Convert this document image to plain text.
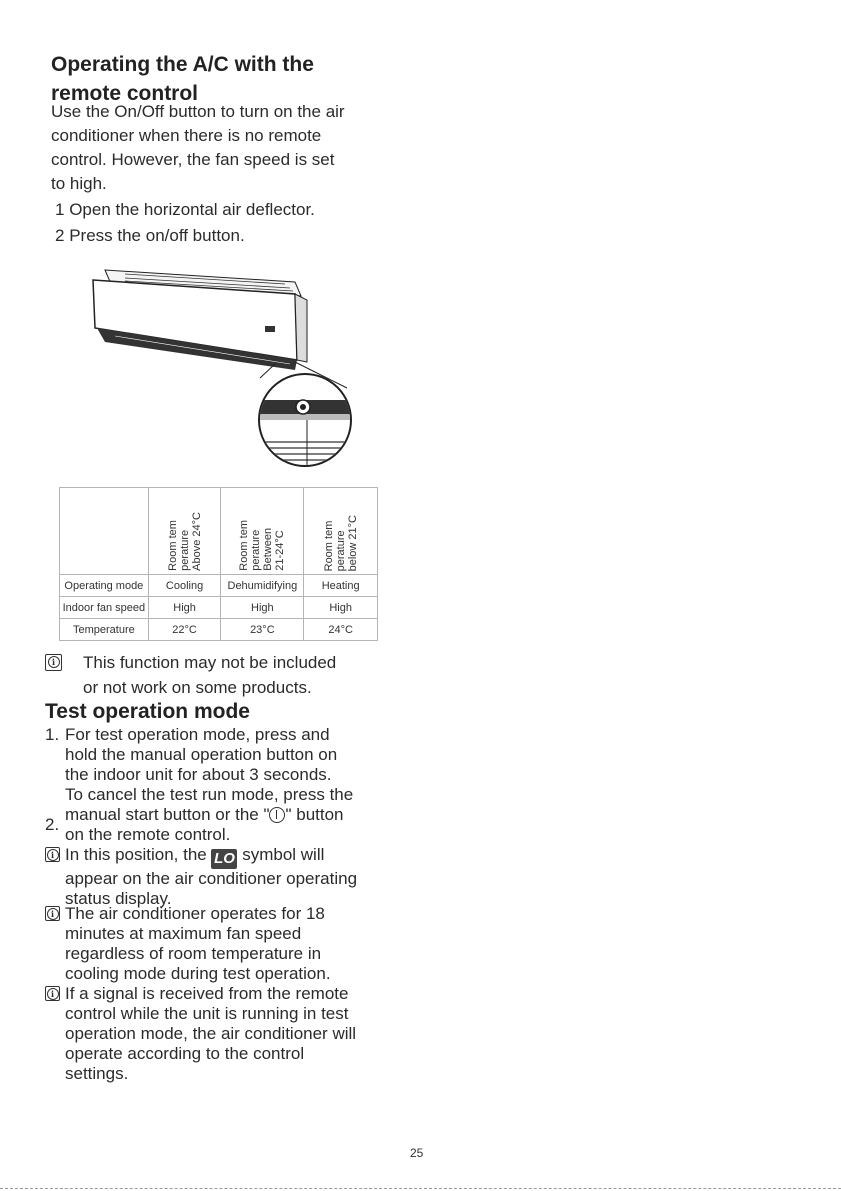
Operating the A/C with the
remote control
Use the On/Off button to turn on the air
conditioner when there is no remote
control. However, the fan speed is set
to high.
1 Open the horizontal air deflector.
2 Press the on/off button.
	Room tem
perature
Above 24°C	Room tem
perature
Between
21-24°C	Room tem
perature
below 21°C
Operating mode	Cooling	Dehumidifying	Heating
Indoor fan speed	High	High	High
Temperature	22°C	23°C	24°C
i	This function may not be included
or not work on some products.
Test operation mode
1. For test operation mode, press and
hold the manual operation button on
the indoor unit for about 3 seconds.
2.
To cancel the test run mode, press the
manual start button or the " " button
on the remote control.
i In this position, the LO symbol will
appear on the air conditioner operating
status display.
i The air conditioner operates for 18
minutes at maximum fan speed
regardless of room temperature in
cooling mode during test operation.
i If a signal is received from the remote
control while the unit is running in test
operation mode, the air conditioner will
operate according to the control
settings.
25
